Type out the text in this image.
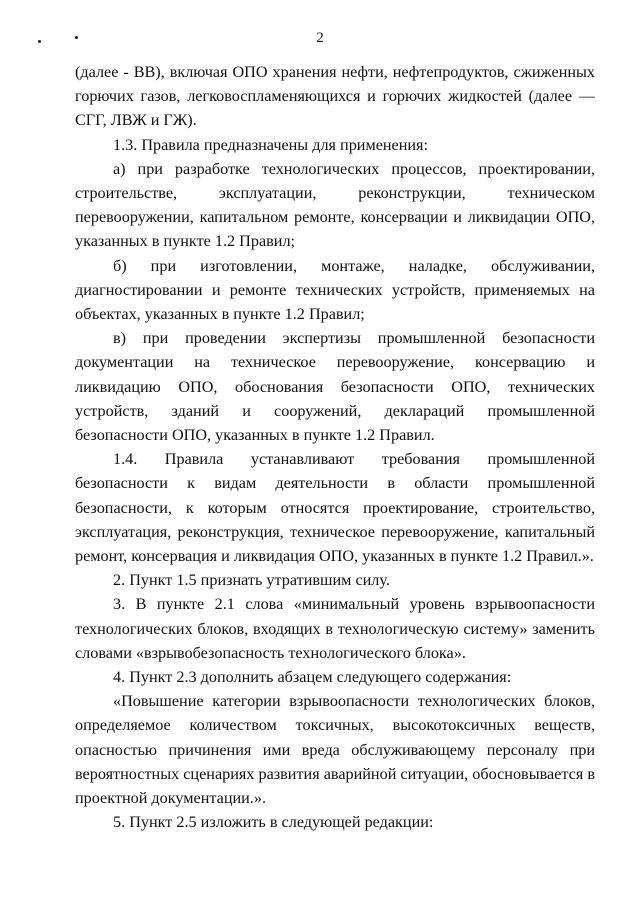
2

(далее - ВВ), включая ОПО хранения нефти, нефтепродуктов, сжиженных горючих газов, легковоспламеняющихся и горючих жидкостей (далее — СГГ, ЛВЖ и ГЖ).

1.3. Правила предназначены для применения:

а) при разработке технологических процессов, проектировании, строительстве, эксплуатации, реконструкции, техническом перевооружении, капитальном ремонте, консервации и ликвидации ОПО, указанных в пункте 1.2 Правил;

б) при изготовлении, монтаже, наладке, обслуживании, диагностировании и ремонте технических устройств, применяемых на объектах, указанных в пункте 1.2 Правил;

в) при проведении экспертизы промышленной безопасности документации на техническое перевооружение, консервацию и ликвидацию ОПО, обоснования безопасности ОПО, технических устройств, зданий и сооружений, деклараций промышленной безопасности ОПО, указанных в пункте 1.2 Правил.

1.4. Правила устанавливают требования промышленной безопасности к видам деятельности в области промышленной безопасности, к которым относятся проектирование, строительство, эксплуатация, реконструкция, техническое перевооружение, капитальный ремонт, консервация и ликвидация ОПО, указанных в пункте 1.2 Правил.».

2. Пункт 1.5 признать утратившим силу.

3. В пункте 2.1 слова «минимальный уровень взрывоопасности технологических блоков, входящих в технологическую систему» заменить словами «взрывобезопасность технологического блока».

4. Пункт 2.3 дополнить абзацем следующего содержания:

«Повышение категории взрывоопасности технологических блоков, определяемое количеством токсичных, высокотоксичных веществ, опасностью причинения ими вреда обслуживающему персоналу при вероятностных сценариях развития аварийной ситуации, обосновывается в проектной документации.».

5. Пункт 2.5 изложить в следующей редакции:
